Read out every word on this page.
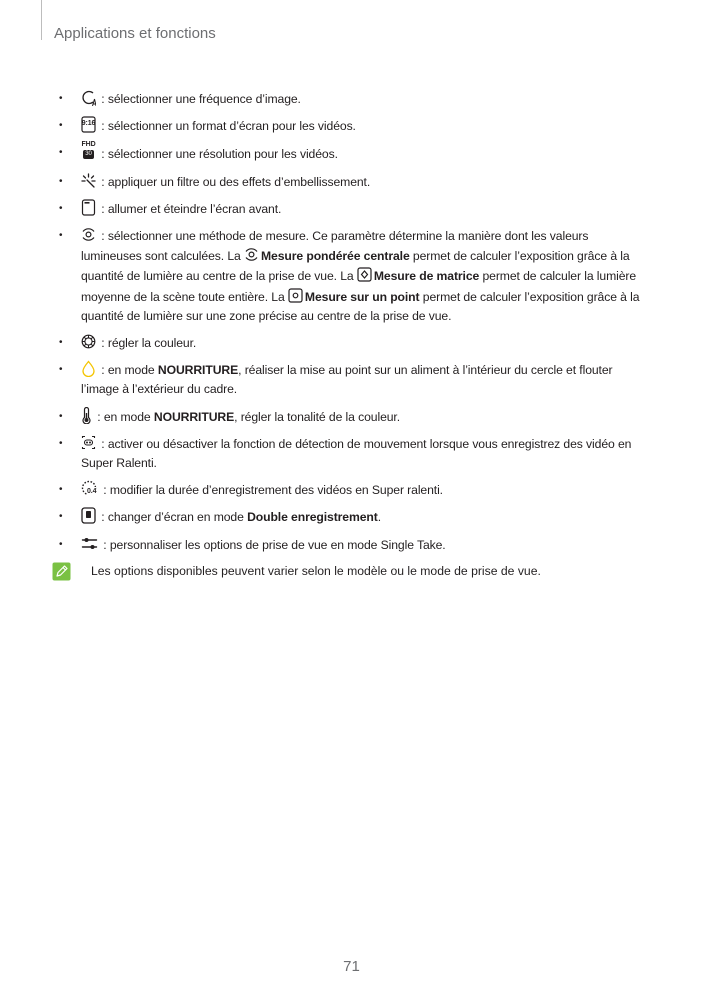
Applications et fonctions
•	: sélectionner une fréquence d’image.
•	9:16 : sélectionner un format d’écran pour les vidéos.
•
FHD
30 : sélectionner une résolution pour les vidéos.
•	: appliquer un filtre ou des effets d’embellissement.
•	: allumer et éteindre l’écran avant.
•	: sélectionner une méthode de mesure. Ce paramètre détermine la manière dont les valeurs lumineuses sont calculées. La
Mesure pondérée centrale permet de calculer l’exposition grâce à la quantité de lumière au centre de la prise de vue. La
Mesure de matrice permet de calculer la lumière moyenne de la scène toute entière. La
Mesure sur un point permet de calculer l’exposition grâce à la quantité de lumière sur une zone précise au centre de la prise de vue.
•	: régler la couleur.
•	: en mode NOURRITURE, réaliser la mise au point sur un aliment à l’intérieur du cercle et flouter l’image à l’extérieur du cadre.
•	: en mode NOURRITURE, régler la tonalité de la couleur.
•	: activer ou désactiver la fonction de détection de mouvement lorsque vous enregistrez des vidéo en Super Ralenti.
•	0.4 : modifier la durée d’enregistrement des vidéos en Super ralenti.
•	: changer d’écran en mode Double enregistrement.
•	: personnaliser les options de prise de vue en mode Single Take.
Les options disponibles peuvent varier selon le modèle ou le mode de prise de vue.
71
